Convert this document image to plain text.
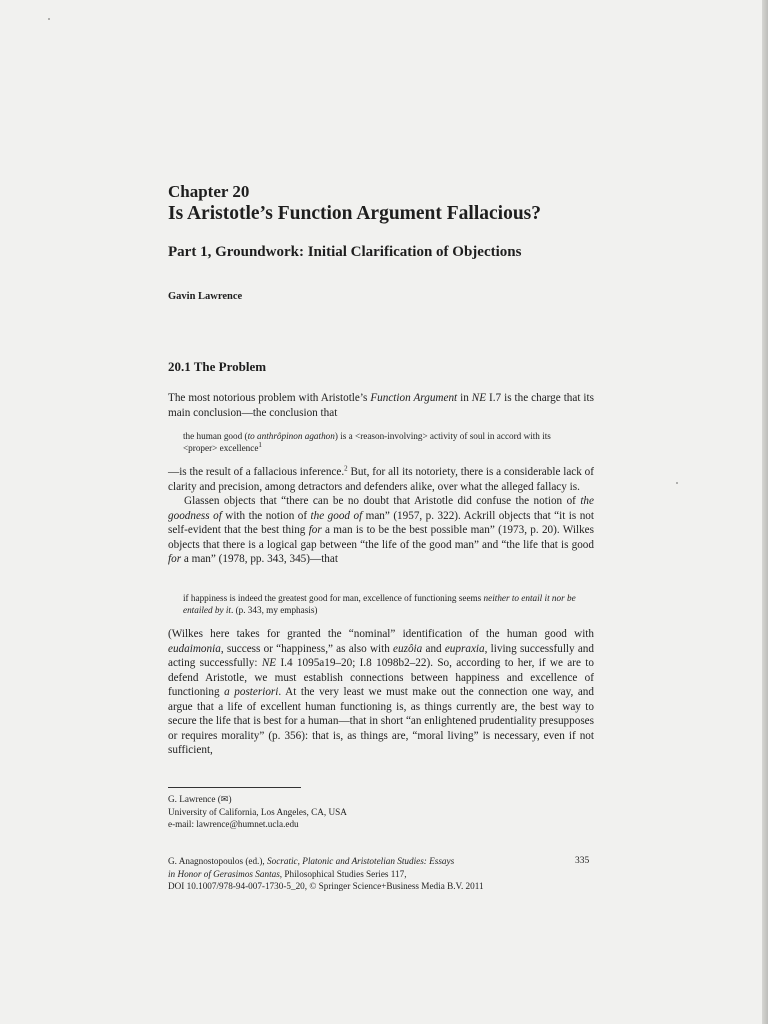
Chapter 20
Is Aristotle’s Function Argument Fallacious?
Part 1, Groundwork: Initial Clarification of Objections
Gavin Lawrence
20.1 The Problem

The most notorious problem with Aristotle’s Function Argument in NE I.7 is the charge that its main conclusion—the conclusion that

the human good (to anthrôpinon agathon) is a <reason-involving> activity of soul in accord with its <proper> excellence$^1$

—is the result of a fallacious inference.$^2$ But, for all its notoriety, there is a considerable lack of clarity and precision, among detractors and defenders alike, over what the alleged fallacy is.

Glassen objects that “there can be no doubt that Aristotle did confuse the notion of the goodness of with the notion of the good of man” (1957, p. 322). Ackrill objects that “it is not self-evident that the best thing for a man is to be the best possible man” (1973, p. 20). Wilkes objects that there is a logical gap between “the life of the good man” and “the life that is good for a man” (1978, pp. 343, 345)—that

if happiness is indeed the greatest good for man, excellence of functioning seems neither to entail it nor be entailed by it. (p. 343, my emphasis)

(Wilkes here takes for granted the “nominal” identification of the human good with eudaimonia, success or “happiness,” as also with euzôia and eupraxia, living successfully and acting successfully: NE I.4 1095a19–20; I.8 1098b2–22). So, according to her, if we are to defend Aristotle, we must establish connections between happiness and excellence of functioning a posteriori. At the very least we must make out the connection one way, and argue that a life of excellent human functioning is, as things currently are, the best way to secure the life that is best for a human—that in short “an enlightened prudentiality presupposes or requires morality” (p. 356): that is, as things are, “moral living” is necessary, even if not sufficient,

G. Lawrence (✉)
University of California, Los Angeles, CA, USA
e-mail: lawrence@humnet.ucla.edu
G. Anagnostopoulos (ed.), Socratic, Platonic and Aristotelian Studies: Essays
in Honor of Gerasimos Santas, Philosophical Studies Series 117,
DOI 10.1007/978-94-007-1730-5_20, © Springer Science+Business Media B.V. 2011
335
